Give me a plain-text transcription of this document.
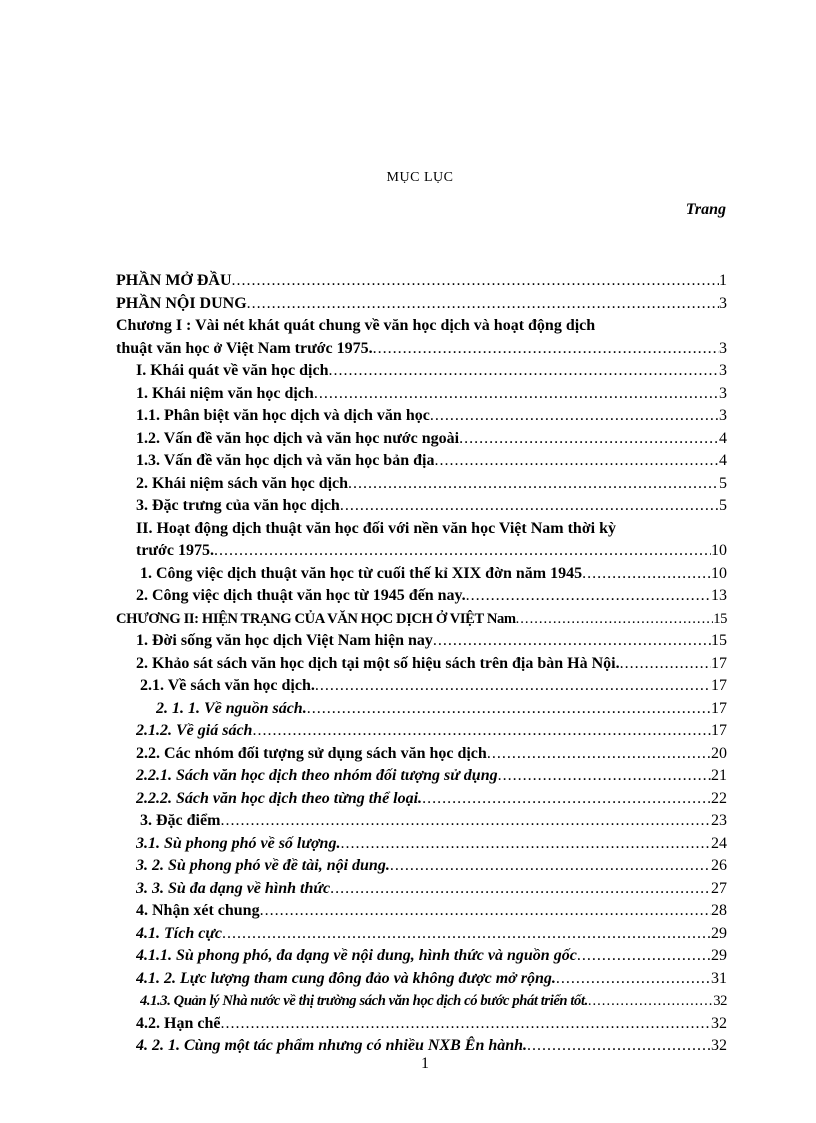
MỤC LỤC
Trang
PHẦN MỞ ĐẦU .....	1
PHẦN NỘI DUNG .....	3
Chương I : Vài nét khát quát chung về văn học dịch và hoạt động dịch
thuật văn học ở Việt Nam trước 1975. .....	3
I. Khái quát về văn học dịch .....	3
1. Khái niệm văn học dịch .....	3
1.1. Phân biệt văn học dịch và dịch văn học .....	3
1.2. Vấn đề văn học dịch và văn học nước ngoài .....	4
1.3. Vấn đề văn học dịch và văn học bản địa .....	4
2. Khái niệm sách văn học dịch .....	5
3. Đặc trưng của văn học dịch .....	5
II. Hoạt động dịch thuật văn học đối với nền văn học Việt Nam thời kỳ
trước 1975. .....	10
1. Công việc dịch thuật văn học từ cuối thế kỉ XIX đờn năm 1945 .....	10
2. Công việc dịch thuật văn học từ 1945 đến nay. .....	13
CHƯƠNG II: HIỆN TRẠNG CỦA VĂN HỌC DỊCH Ở VIỆT Nam .....	15
1. Đời sống văn học dịch Việt Nam hiện nay .....	15
2. Khảo sát sách văn học dịch tại một số hiệu sách trên địa bàn Hà Nội. .....	17
2.1. Về sách văn học dịch. .....	17
2. 1. 1. Về nguồn sách. .....	17
2.1.2. Về giá sách .....	17
2.2. Các nhóm đối tượng sử dụng sách văn học dịch .....	20
2.2.1. Sách văn học dịch theo nhóm đối tượng sử dụng .....	21
2.2.2. Sách văn học dịch theo từng thể loại. .....	22
3. Đặc điểm .....	23
3.1. Sù phong phó về số lượng. .....	24
3. 2. Sù phong phó về đề tài, nội dung. .....	26
3. 3. Sù đa dạng về hình thức .....	27
4. Nhận xét chung .....	28
4.1. Tích cực .....	29
4.1.1. Sù phong phó, đa dạng về nội dung, hình thức và nguồn gốc .....	29
4.1. 2. Lực lượng tham cung đông đảo và không được mở rộng. .....	31
4.1.3. Quản lý Nhà nước về thị trường sách văn học dịch có bước phát triển tốt. .....	32
4.2. Hạn chế .....	32
4. 2. 1. Cùng một tác phẩm nhưng có nhiều NXB Ên hành. .....	32
1
